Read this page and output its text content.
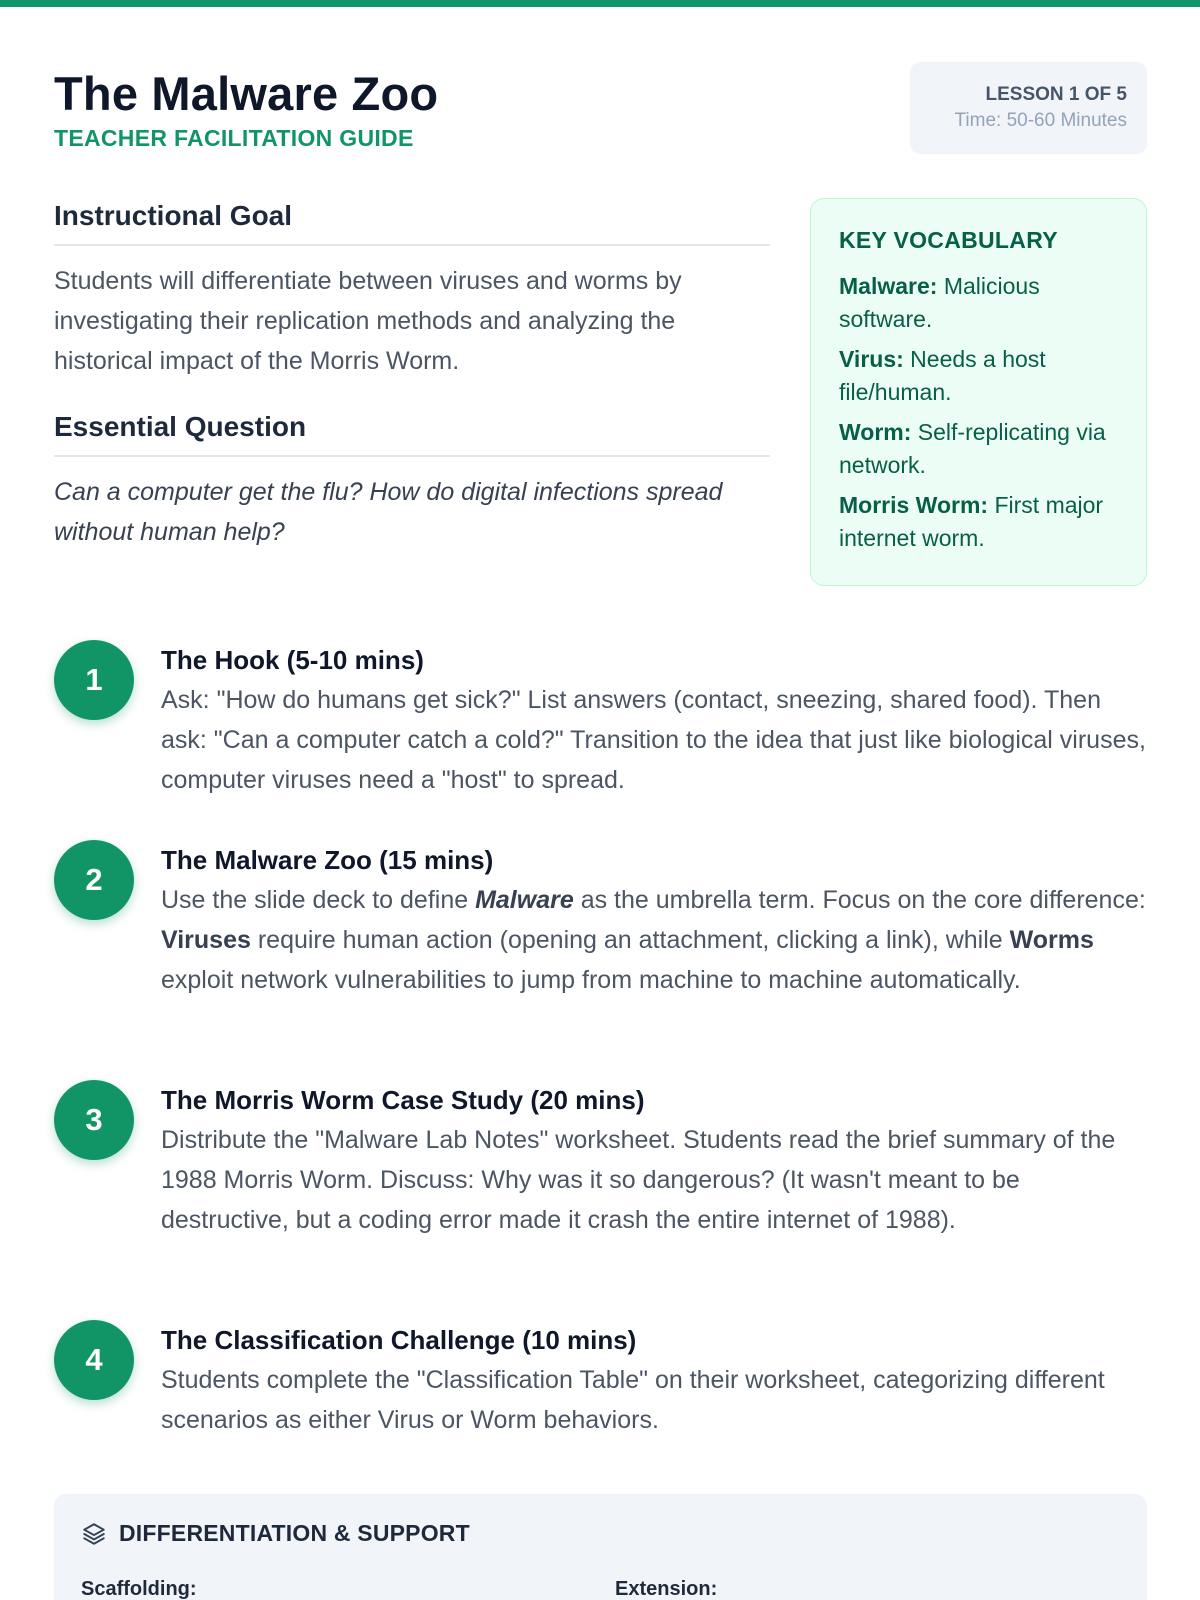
The Malware Zoo
TEACHER FACILITATION GUIDE
LESSON 1 OF 5
Time: 50-60 Minutes
Instructional Goal
Students will differentiate between viruses and worms by investigating their replication methods and analyzing the historical impact of the Morris Worm.
Essential Question
Can a computer get the flu? How do digital infections spread without human help?
KEY VOCABULARY
Malware: Malicious software.
Virus: Needs a host file/human.
Worm: Self-replicating via network.
Morris Worm: First major internet worm.
1
The Hook (5-10 mins)
Ask: "How do humans get sick?" List answers (contact, sneezing, shared food). Then ask: "Can a computer catch a cold?" Transition to the idea that just like biological viruses, computer viruses need a "host" to spread.
2
The Malware Zoo (15 mins)
Use the slide deck to define Malware as the umbrella term. Focus on the core difference: Viruses require human action (opening an attachment, clicking a link), while Worms exploit network vulnerabilities to jump from machine to machine automatically.
3
The Morris Worm Case Study (20 mins)
Distribute the "Malware Lab Notes" worksheet. Students read the brief summary of the 1988 Morris Worm. Discuss: Why was it so dangerous? (It wasn't meant to be destructive, but a coding error made it crash the entire internet of 1988).
4
The Classification Challenge (10 mins)
Students complete the "Classification Table" on their worksheet, categorizing different scenarios as either Virus or Worm behaviors.
DIFFERENTIATION & SUPPORT
Scaffolding:	Extension:
